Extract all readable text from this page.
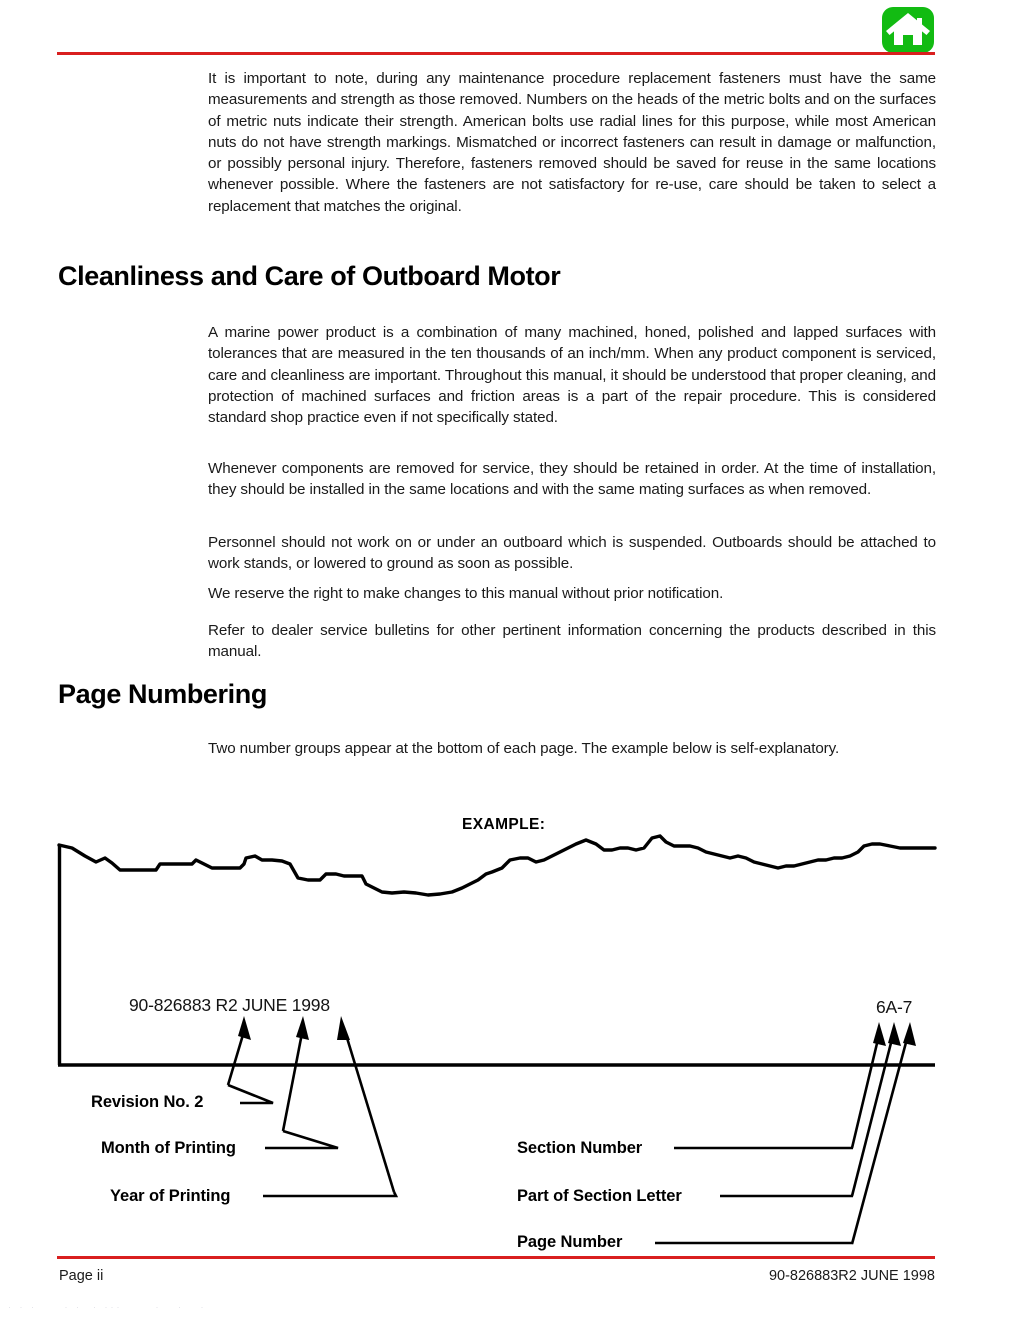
It is important to note, during any maintenance procedure replacement fasteners must have the same measurements and strength as those removed. Numbers on the heads of the metric bolts and on the surfaces of metric nuts indicate their strength. American bolts use radial lines for this purpose, while most American nuts do not have strength markings. Mismatched or incorrect fasteners can result in damage or malfunction, or possibly personal injury. Therefore, fasteners removed should be saved for reuse in the same locations whenever possible. Where the fasteners are not satisfactory for re-use, care should be taken to select a replacement that matches the original.
Cleanliness and Care of Outboard Motor
A marine power product is a combination of many machined, honed, polished and lapped surfaces with tolerances that are measured in the ten thousands of an inch/mm. When any product component is serviced, care and cleanliness are important. Throughout this manual, it should be understood that proper cleaning, and protection of machined surfaces and friction areas is a part of the repair procedure. This is considered standard shop practice even if not specifically stated.
Whenever components are removed for service, they should be retained in order. At the time of installation, they should be installed in the same locations and with the same mating surfaces as when removed.
Personnel should not work on or under an outboard which is suspended. Outboards should be attached to work stands, or lowered to ground as soon as possible.
We reserve the right to make changes to this manual without prior notification.
Refer to dealer service bulletins for other pertinent information concerning the products described in this manual.
Page Numbering
Two number groups appear at the bottom of each page. The example below is self-explanatory.
EXAMPLE:
90-826883 R2 JUNE 1998	6A-7
Revision No. 2
Month of Printing
Year of Printing
Section Number
Part of Section Letter
Page Number
Page ii	90-826883R2 JUNE 1998
· · ·     · ·  · ···      ·   ·   ·
